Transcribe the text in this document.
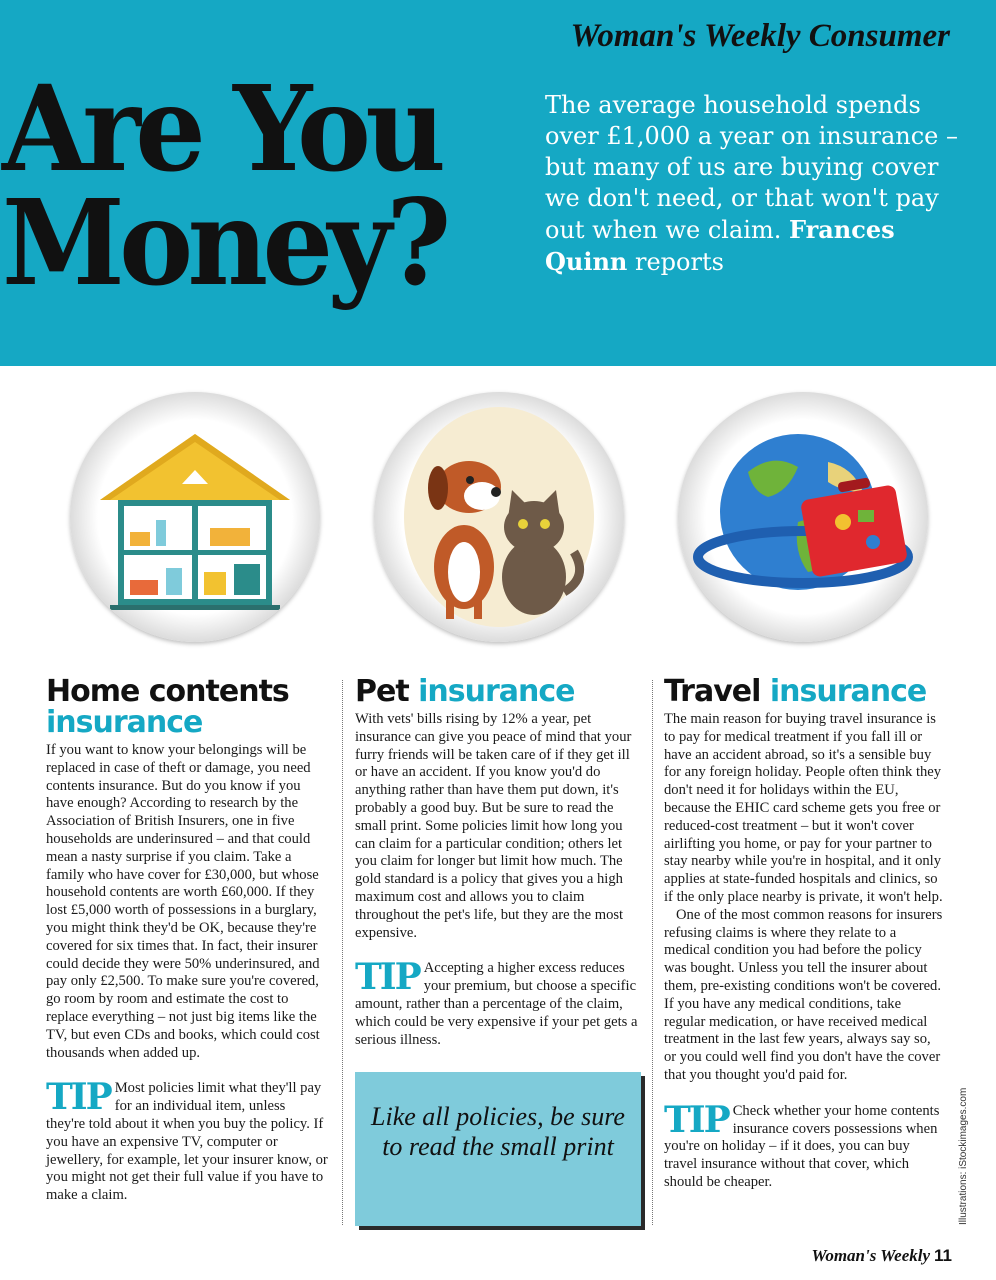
Woman's Weekly Consumer
Are You
Money?
The average household spends over £1,000 a year on insurance – but many of us are buying cover we don't need, or that won't pay out when we claim. Frances Quinn reports
Home contents
insurance

If you want to know your belongings will be replaced in case of theft or damage, you need contents insurance. But do you know if you have enough? According to research by the Association of British Insurers, one in five households are underinsured – and that could mean a nasty surprise if you claim. Take a family who have cover for £30,000, but whose household contents are worth £60,000. If they lost £5,000 worth of possessions in a burglary, you might think they'd be OK, because they're covered for six times that. In fact, their insurer could decide they were 50% underinsured, and pay only £2,500. To make sure you're covered, go room by room and estimate the cost to replace everything – not just big items like the TV, but even CDs and books, which could cost thousands when added up.

TIP Most policies limit what they'll pay for an individual item, unless they're told about it when you buy the policy. If you have an expensive TV, computer or jewellery, for example, let your insurer know, or you might not get their full value if you have to make a claim.
Pet insurance

With vets' bills rising by 12% a year, pet insurance can give you peace of mind that your furry friends will be taken care of if they get ill or have an accident. If you know you'd do anything rather than have them put down, it's probably a good buy. But be sure to read the small print. Some policies limit how long you can claim for a particular condition; others let you claim for longer but limit how much. The gold standard is a policy that gives you a high maximum cost and allows you to claim throughout the pet's life, but they are the most expensive.

TIP Accepting a higher excess reduces your premium, but choose a specific amount, rather than a percentage of the claim, which could be very expensive if your pet gets a serious illness.
Like all policies, be sure to read the small print
Travel insurance

The main reason for buying travel insurance is to pay for medical treatment if you fall ill or have an accident abroad, so it's a sensible buy for any foreign holiday. People often think they don't need it for holidays within the EU, because the EHIC card scheme gets you free or reduced-cost treatment – but it won't cover airlifting you home, or pay for your partner to stay nearby while you're in hospital, and it only applies at state-funded hospitals and clinics, so if the only place nearby is private, it won't help.

One of the most common reasons for insurers refusing claims is where they relate to a medical condition you had before the policy was bought. Unless you tell the insurer about them, pre-existing conditions won't be covered. If you have any medical conditions, take regular medication, or have received medical treatment in the last few years, always say so, or you could well find you don't have the cover that you thought you'd paid for.

TIP Check whether your home contents insurance covers possessions when you're on holiday – if it does, you can buy travel insurance without that cover, which should be cheaper.	Illustrations: iStockimages.com
Woman's Weekly 11
